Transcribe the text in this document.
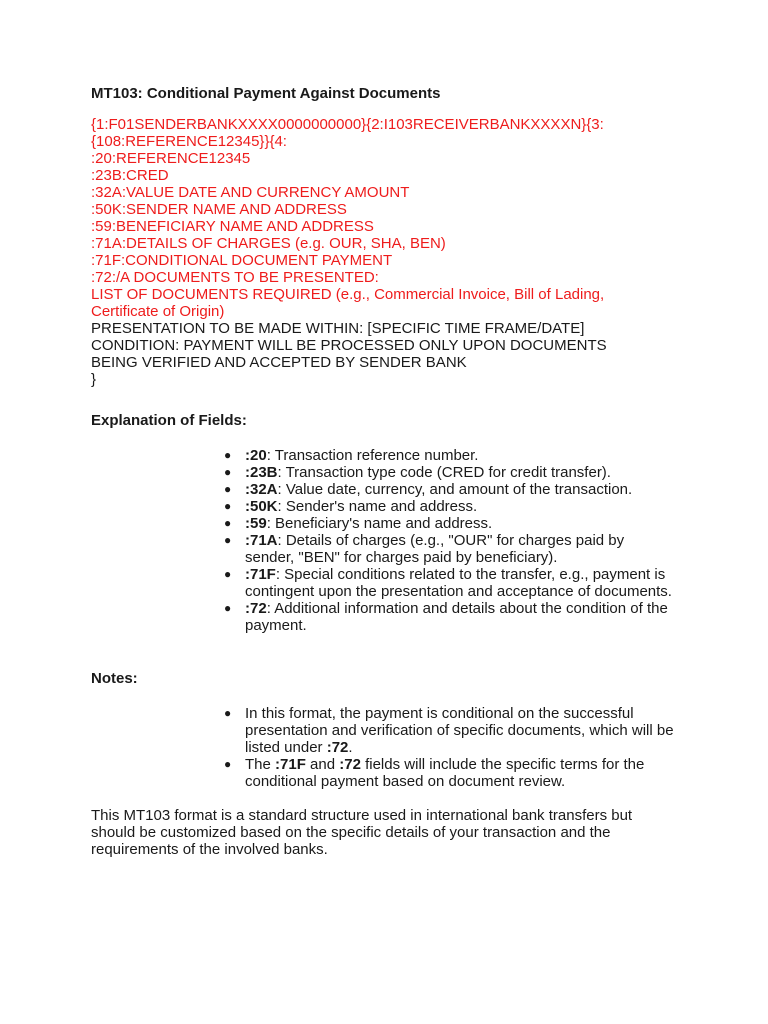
MT103: Conditional Payment Against Documents
{1:F01SENDERBANKXXXX0000000000}{2:I103RECEIVERBANKXXXXN}{3:
{108:REFERENCE12345}}{4:
:20:REFERENCE12345
:23B:CRED
:32A:VALUE DATE AND CURRENCY AMOUNT
:50K:SENDER NAME AND ADDRESS
:59:BENEFICIARY NAME AND ADDRESS
:71A:DETAILS OF CHARGES (e.g. OUR, SHA, BEN)
:71F:CONDITIONAL DOCUMENT PAYMENT
:72:/A DOCUMENTS TO BE PRESENTED:
LIST OF DOCUMENTS REQUIRED (e.g., Commercial Invoice, Bill of Lading,
Certificate of Origin)
PRESENTATION TO BE MADE WITHIN: [SPECIFIC TIME FRAME/DATE]
CONDITION: PAYMENT WILL BE PROCESSED ONLY UPON DOCUMENTS
BEING VERIFIED AND ACCEPTED BY SENDER BANK
}
Explanation of Fields:
● :20: Transaction reference number.
● :23B: Transaction type code (CRED for credit transfer).
● :32A: Value date, currency, and amount of the transaction.
● :50K: Sender's name and address.
● :59: Beneficiary's name and address.
● :71A: Details of charges (e.g., "OUR" for charges paid by sender, "BEN" for charges paid by beneficiary).
● :71F: Special conditions related to the transfer, e.g., payment is contingent upon the presentation and acceptance of documents.
● :72: Additional information and details about the condition of the payment.
Notes:
● In this format, the payment is conditional on the successful presentation and verification of specific documents, which will be listed under :72.
● The :71F and :72 fields will include the specific terms for the conditional payment based on document review.
This MT103 format is a standard structure used in international bank transfers but should be customized based on the specific details of your transaction and the requirements of the involved banks.
